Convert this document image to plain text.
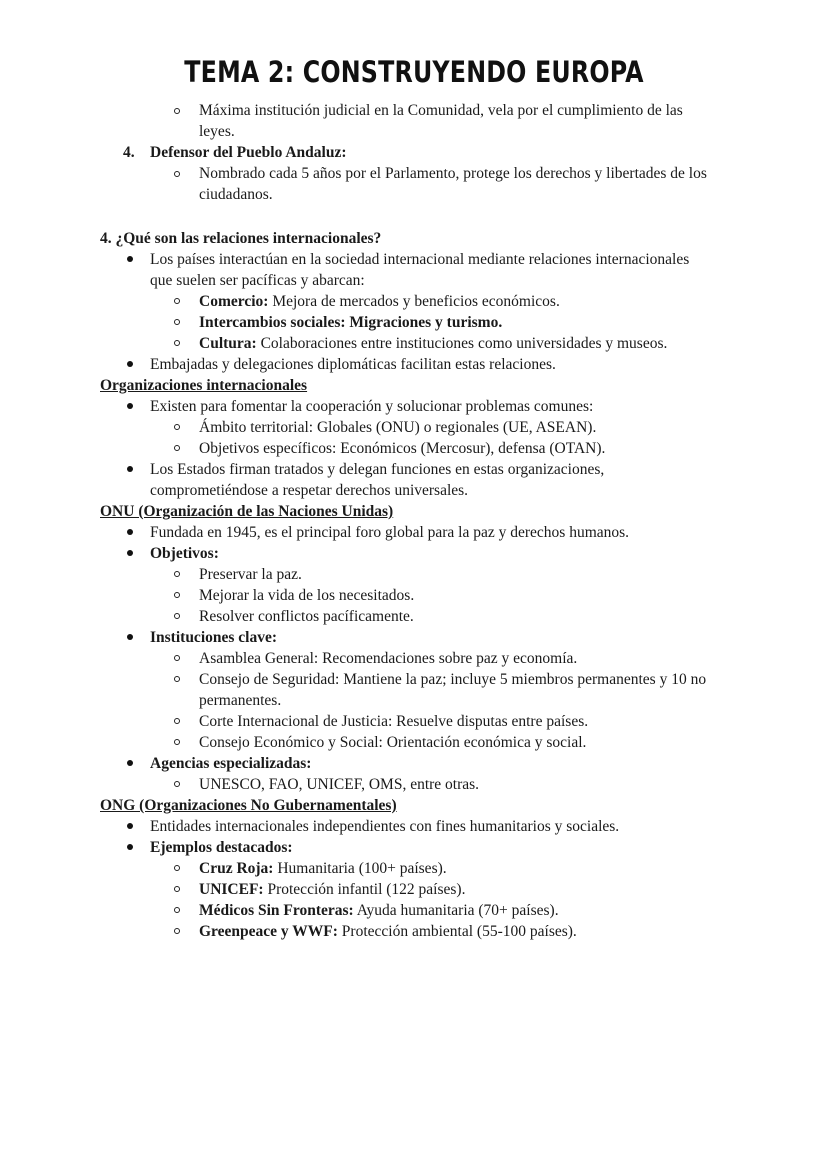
TEMA 2: CONSTRUYENDO EUROPA
Máxima institución judicial en la Comunidad, vela por el cumplimiento de las
leyes.
4. Defensor del Pueblo Andaluz:
Nombrado cada 5 años por el Parlamento, protege los derechos y libertades de los
ciudadanos.
4. ¿Qué son las relaciones internacionales?
Los países interactúan en la sociedad internacional mediante relaciones internacionales
que suelen ser pacíficas y abarcan:
Comercio: Mejora de mercados y beneficios económicos.
Intercambios sociales: Migraciones y turismo.
Cultura: Colaboraciones entre instituciones como universidades y museos.
Embajadas y delegaciones diplomáticas facilitan estas relaciones.
Organizaciones internacionales
Existen para fomentar la cooperación y solucionar problemas comunes:
Ámbito territorial: Globales (ONU) o regionales (UE, ASEAN).
Objetivos específicos: Económicos (Mercosur), defensa (OTAN).
Los Estados firman tratados y delegan funciones en estas organizaciones,
comprometiéndose a respetar derechos universales.
ONU (Organización de las Naciones Unidas)
Fundada en 1945, es el principal foro global para la paz y derechos humanos.
Objetivos:
Preservar la paz.
Mejorar la vida de los necesitados.
Resolver conflictos pacíficamente.
Instituciones clave:
Asamblea General: Recomendaciones sobre paz y economía.
Consejo de Seguridad: Mantiene la paz; incluye 5 miembros permanentes y 10 no
permanentes.
Corte Internacional de Justicia: Resuelve disputas entre países.
Consejo Económico y Social: Orientación económica y social.
Agencias especializadas:
UNESCO, FAO, UNICEF, OMS, entre otras.
ONG (Organizaciones No Gubernamentales)
Entidades internacionales independientes con fines humanitarios y sociales.
Ejemplos destacados:
Cruz Roja: Humanitaria (100+ países).
UNICEF: Protección infantil (122 países).
Médicos Sin Fronteras: Ayuda humanitaria (70+ países).
Greenpeace y WWF: Protección ambiental (55-100 países).
